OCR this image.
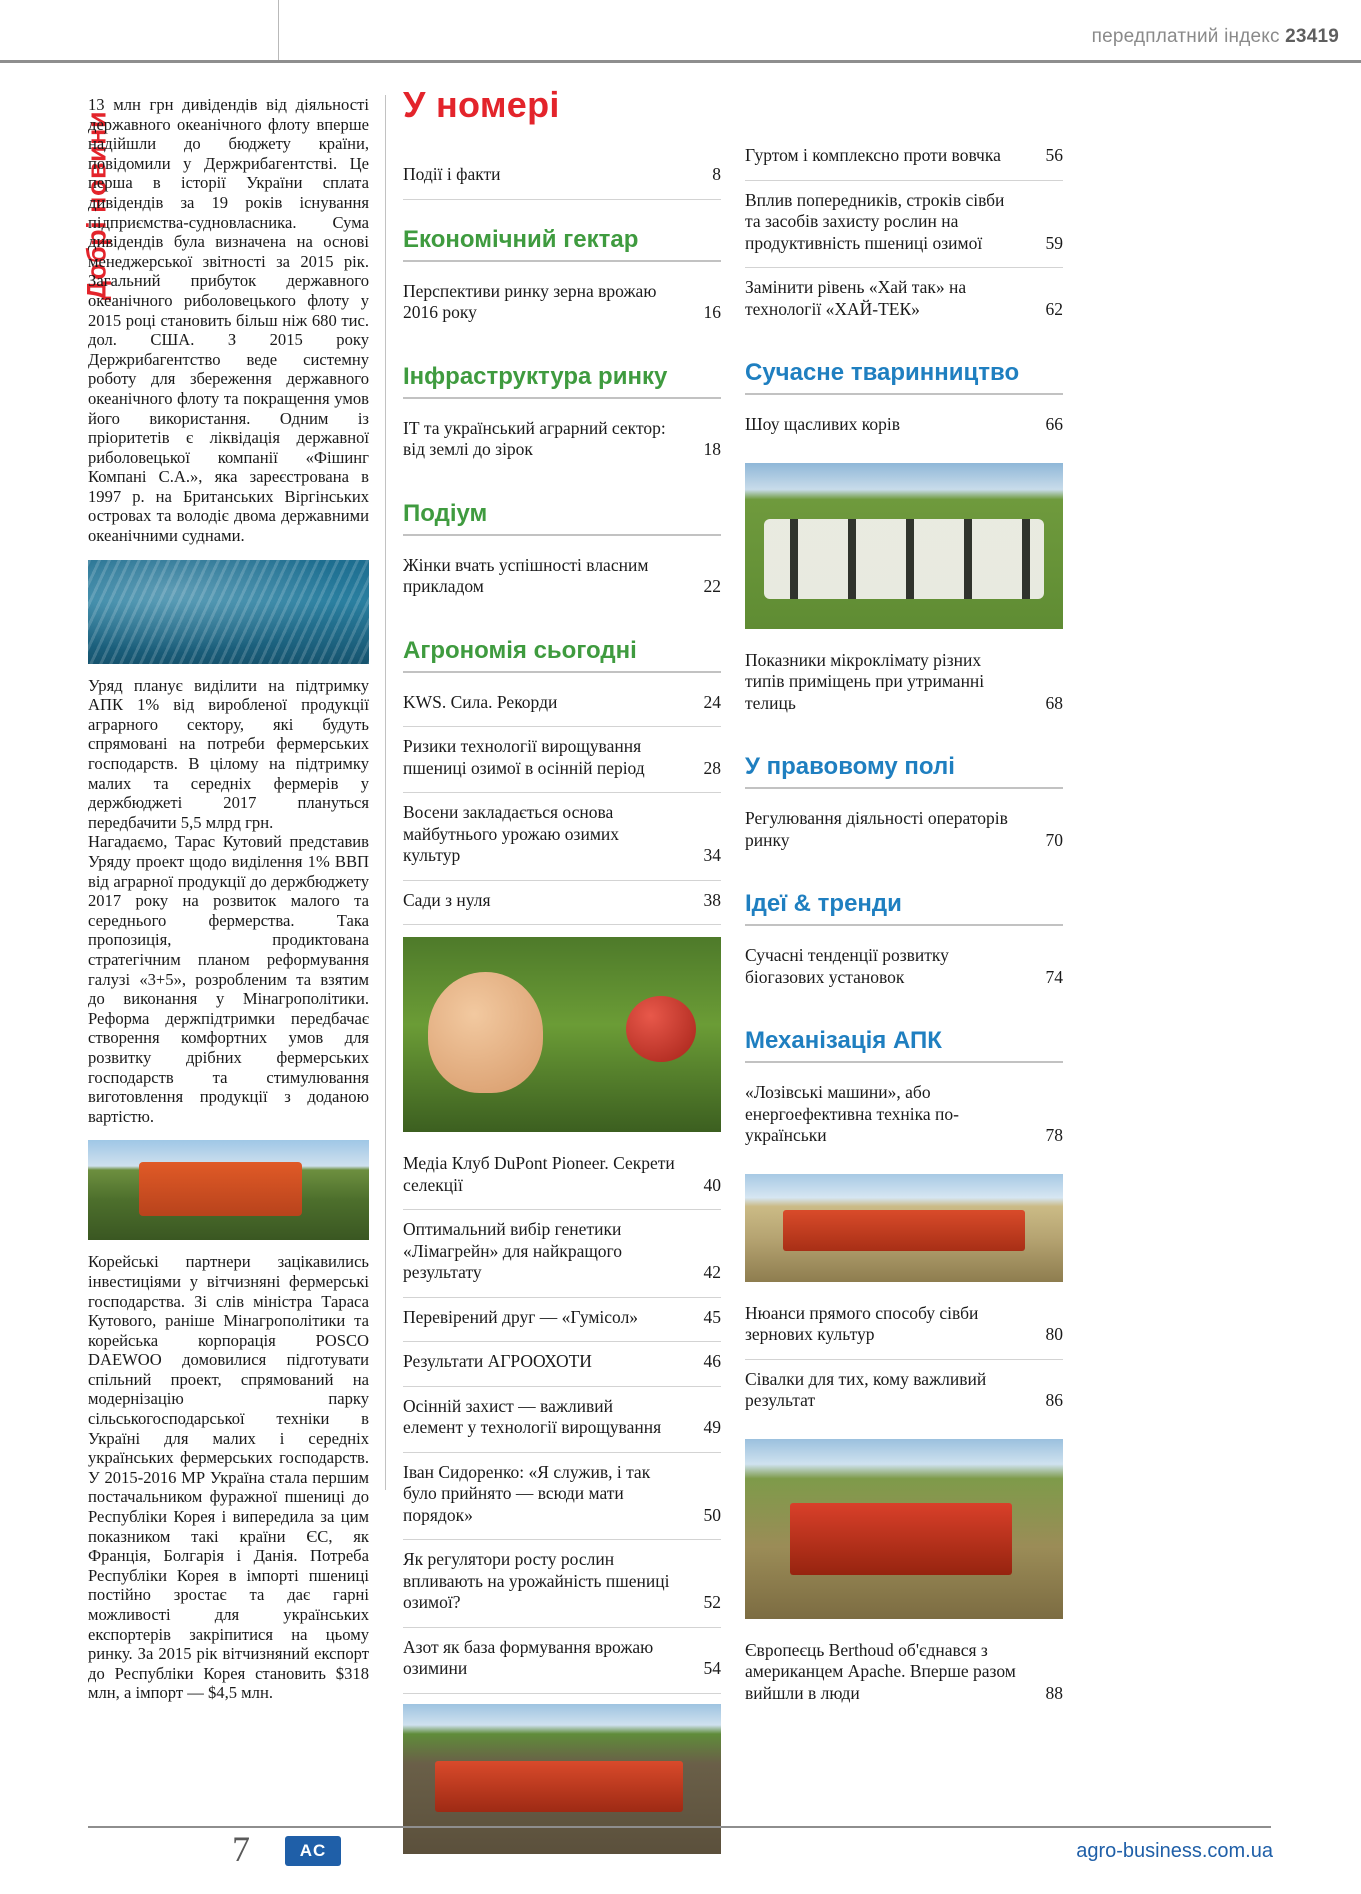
передплатний індекс 23419
Добрі новини

13 млн грн дивідендів від діяльності державного океанічного флоту вперше надійшли до бюджету країни, повідомили у Держрибагентстві. Це перша в історії України сплата дивідендів за 19 років існування підприємства-судновласника. Сума дивідендів була визначена на основі менеджерської звітності за 2015 рік. Загальний прибуток державного океанічного риболовецького флоту у 2015 році становить більш ніж 680 тис. дол. США. З 2015 року Держрибагентство веде системну роботу для збереження державного океанічного флоту та покращення умов його використання. Одним із пріоритетів є ліквідація державної риболовецької компанії «Фішинг Компані С.А.», яка зареєстрована в 1997 р. на Британських Віргінських островах та володіє двома державними океанічними суднами.

Уряд планує виділити на підтримку АПК 1% від виробленої продукції аграрного сектору, які будуть спрямовані на потреби фермерських господарств. В цілому на підтримку малих та середніх фермерів у держбюджеті 2017 плануться передбачити 5,5 млрд грн.

Нагадаємо, Тарас Кутовий представив Уряду проект щодо виділення 1% ВВП від аграрної продукції до держбюджету 2017 року на розвиток малого та середнього фермерства. Така пропозиція, продиктована стратегічним планом реформування галузі «3+5», розробленим та взятим до виконання у Мінагрополітики. Реформа держпідтримки передбачає створення комфортних умов для розвитку дрібних фермерських господарств та стимулювання виготовлення продукції з доданою вартістю.

Корейські партнери зацікавились інвестиціями у вітчизняні фермерські господарства. Зі слів міністра Тараса Кутового, раніше Мінагрополітики та корейська корпорація POSCO DAEWOO домовилися підготувати спільний проект, спрямований на модернізацію парку сільськогосподарської техніки в Україні для малих і середніх українських фермерських господарств. У 2015-2016 МР Україна стала першим постачальником фуражної пшениці до Республіки Корея і випередила за цим показником такі країни ЄС, як Франція, Болгарія і Данія. Потреба Республіки Корея в імпорті пшениці постійно зростає та дає гарні можливості для українських експортерів закріпитися на цьому ринку. За 2015 рік вітчизняний експорт до Республіки Корея становить $318 млн, а імпорт — $4,5 млн.

У номері
Події і факти	8
Економічний гектар
Перспективи ринку зерна врожаю 2016 року	16
Інфраструктура ринку
ІТ та український аграрний сектор: від землі до зірок	18
Подіум
Жінки вчать успішності власним прикладом	22
Агрономія сьогодні
KWS. Сила. Рекорди	24
Ризики технології вирощування пшениці озимої в осінній період	28
Восени закладається основа майбутнього урожаю озимих культур	34
Сади з нуля	38
Медіа Клуб DuPont Pioneer. Секрети селекції	40
Оптимальний вибір генетики «Лімагрейн» для найкращого результату	42
Перевірений друг — «Гумісол»	45
Результати АГРООХОТИ	46
Осінній захист — важливий елемент у технології вирощування	49
Іван Сидоренко: «Я служив, і так було прийнято — всюди мати порядок»	50
Як регулятори росту рослин впливають на урожайність пшениці озимої?	52
Азот як база формування врожаю озимини	54
Гуртом і комплексно проти вовчка	56
Вплив попередників, строків сівби та засобів захисту рослин на продуктивність пшениці озимої	59
Замінити рівень «Хай так» на технології «ХАЙ-ТЕК»	62
Сучасне тваринництво
Шоу щасливих корів	66
Показники мікроклімату різних типів приміщень при утриманні телиць	68
У правовому полі
Регулювання діяльності операторів ринку	70
Ідеї & тренди
Сучасні тенденції розвитку біогазових установок	74
Механізація АПК
«Лозівські машини», або енергоефективна техніка по-українськи	78
Нюанси прямого способу сівби зернових культур	80
Сівалки для тих, кому важливий результат	86
Європеєць Berthoud об'єднався з американцем Apache. Вперше разом вийшли в люди	88
7	AC	agro-business.com.ua
